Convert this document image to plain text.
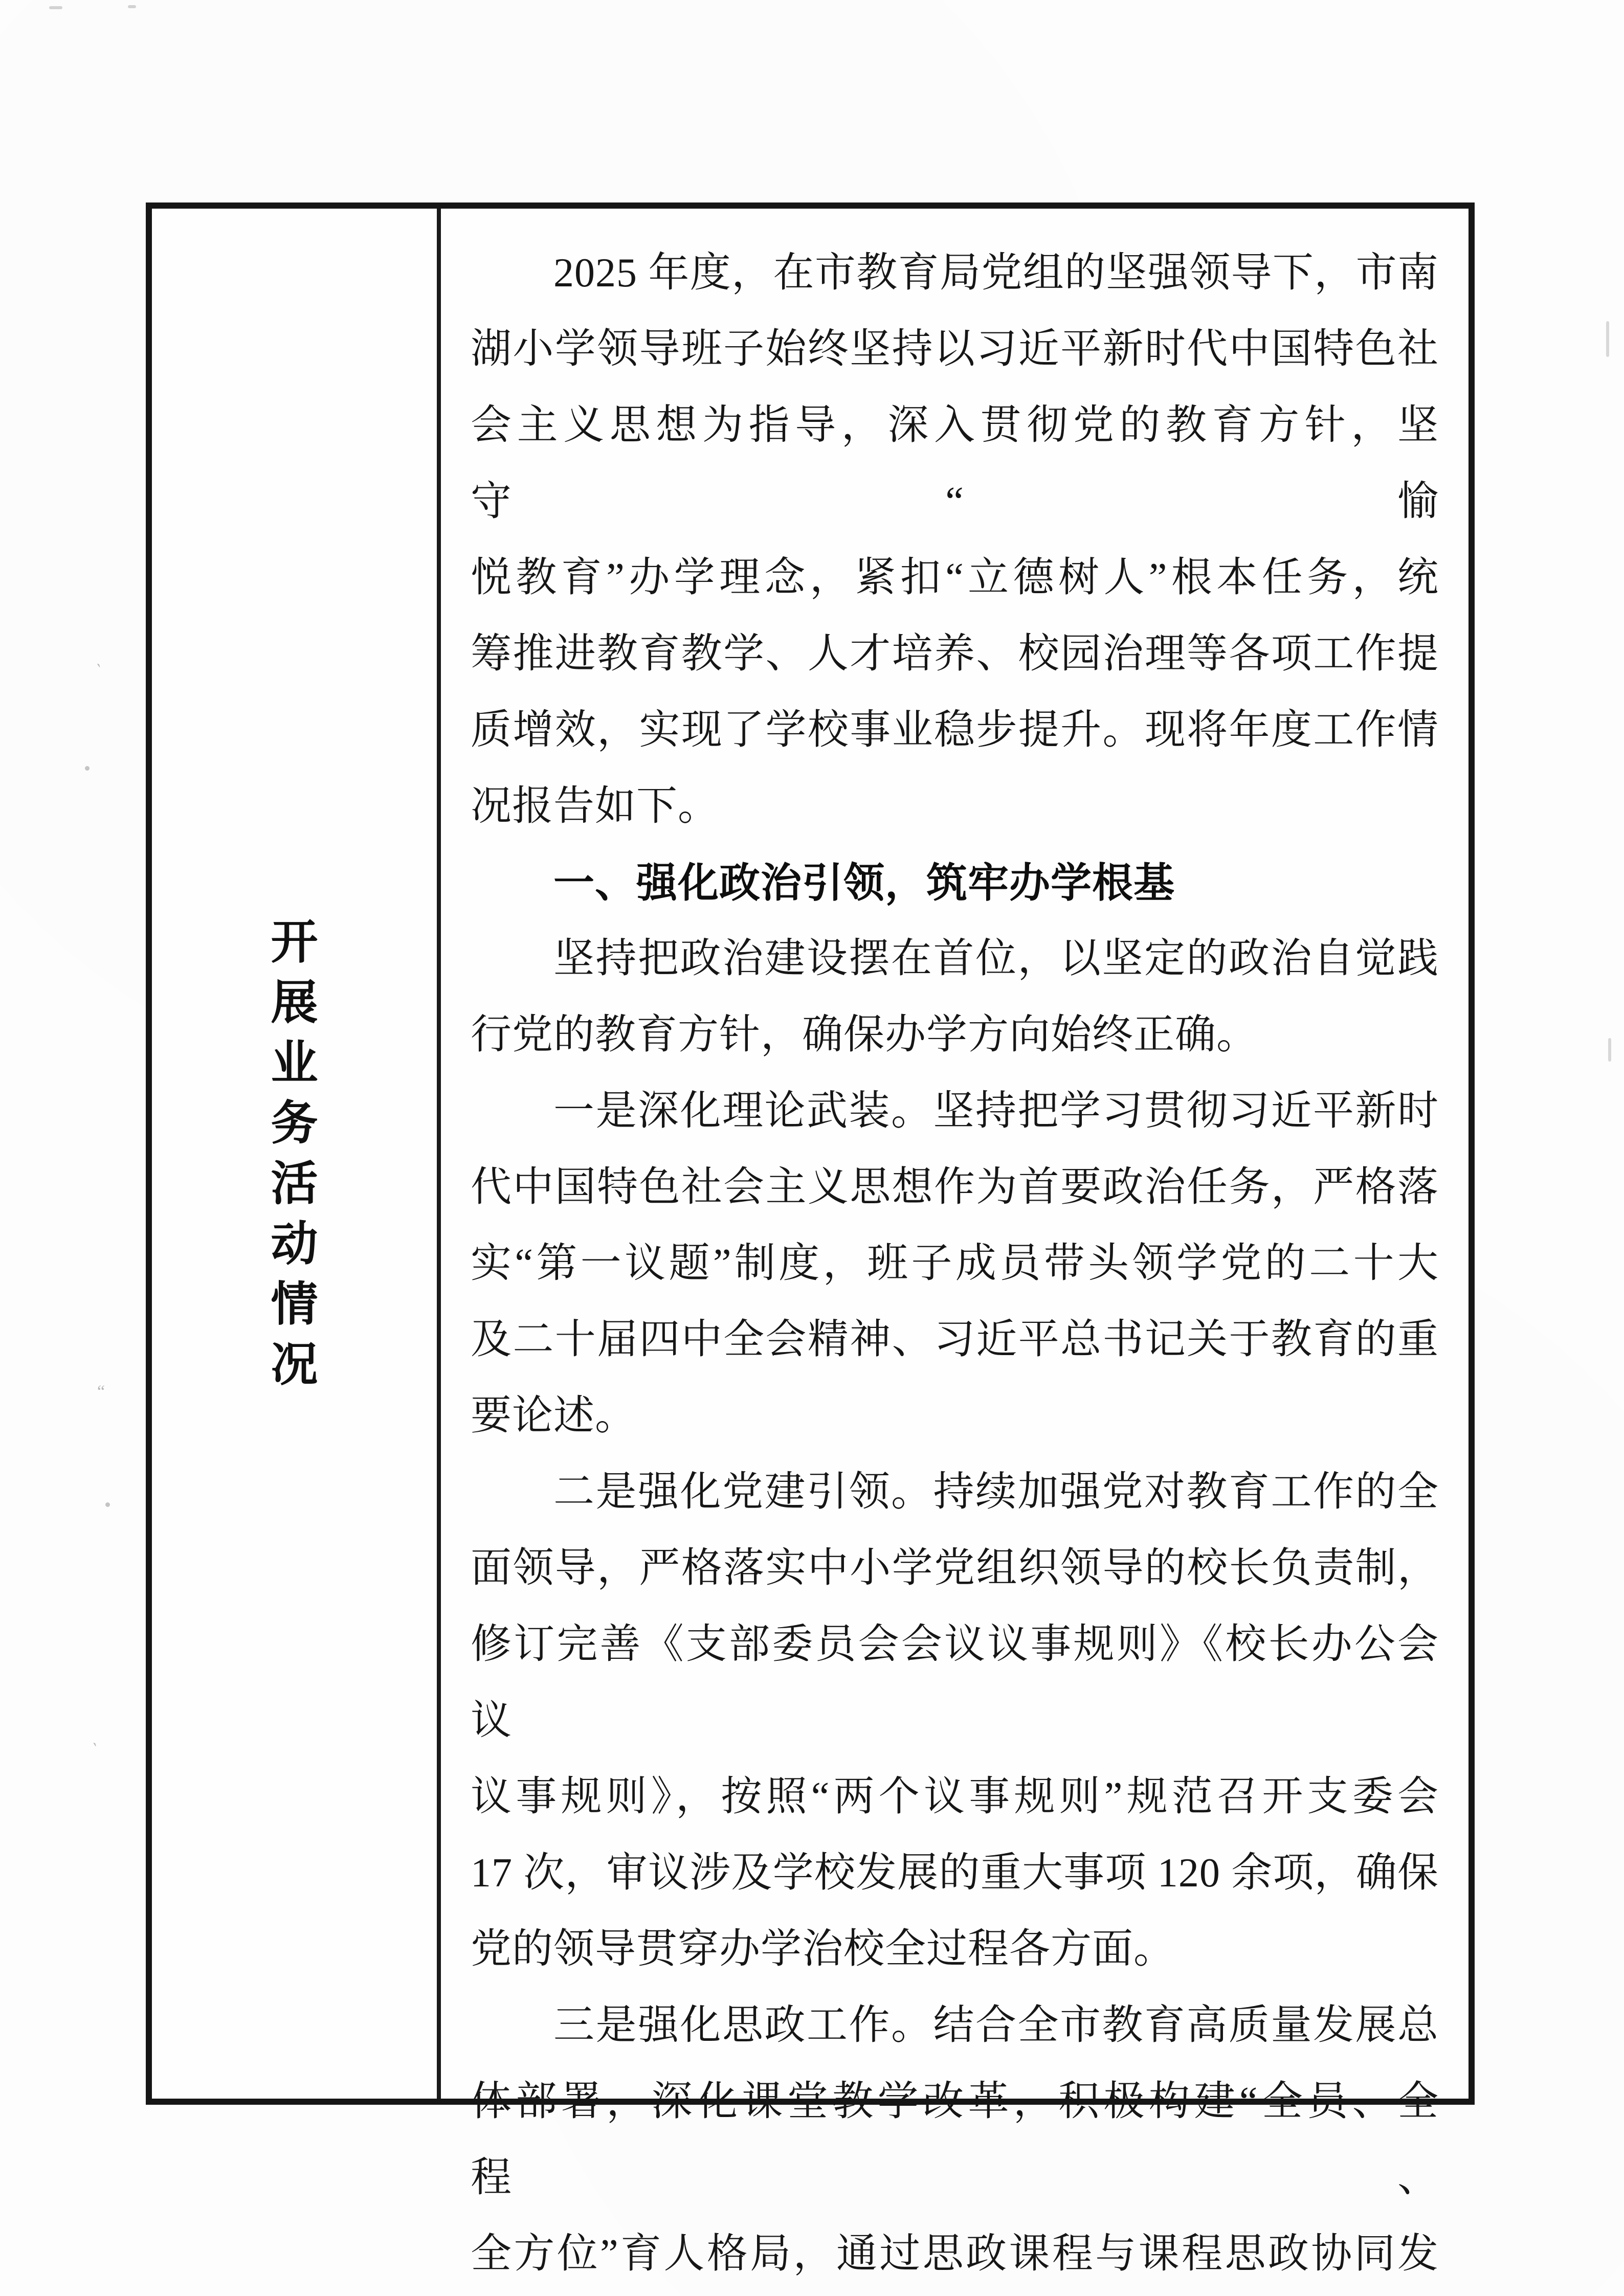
开
展
业
务
活
动
情
况
2025 年度，在市教育局党组的坚强领导下，市南
湖小学领导班子始终坚持以习近平新时代中国特色社
会主义思想为指导，深入贯彻党的教育方针，坚守“愉
悦教育”办学理念，紧扣“立德树人”根本任务，统
筹推进教育教学、人才培养、校园治理等各项工作提
质增效，实现了学校事业稳步提升。现将年度工作情
况报告如下。
一、强化政治引领，筑牢办学根基
坚持把政治建设摆在首位，以坚定的政治自觉践
行党的教育方针，确保办学方向始终正确。
一是深化理论武装。坚持把学习贯彻习近平新时
代中国特色社会主义思想作为首要政治任务，严格落
实“第一议题”制度，班子成员带头领学党的二十大
及二十届四中全会精神、习近平总书记关于教育的重
要论述。
二是强化党建引领。持续加强党对教育工作的全
面领导，严格落实中小学党组织领导的校长负责制，
修订完善《支部委员会会议议事规则》《校长办公会议
议事规则》，按照“两个议事规则”规范召开支委会
17 次，审议涉及学校发展的重大事项 120 余项，确保
党的领导贯穿办学治校全过程各方面。
三是强化思政工作。结合全市教育高质量发展总
体部署，深化课堂教学改革，积极构建“全员、全程、
全方位”育人格局，通过思政课程与课程思政协同发
`
“
`
